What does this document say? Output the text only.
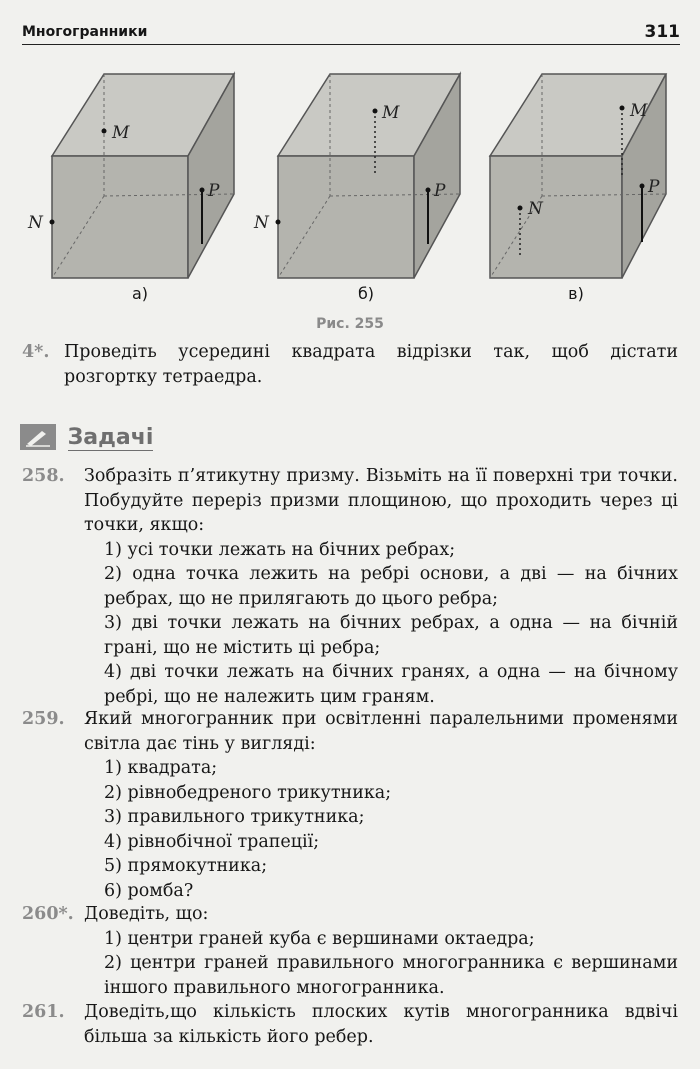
Многогранники	311
M
N
P
а)
M
N
P
б)
M
N
P
в)
Рис. 255
4*. Проведіть усередині квадрата відрізки так, щоб дістати розгортку тетраедра.
Задачі
258.	Зобразіть п’ятикутну призму. Візьміть на її поверхні три точки. Побудуйте переріз призми площиною, що проходить через ці точки, якщо:
1) усі точки лежать на бічних ребрах;
2) одна точка лежить на ребрі основи, а дві — на бічних ребрах, що не прилягають до цього ребра;
3) дві точки лежать на бічних ребрах, а одна — на бічній грані, що не містить ці ребра;
4) дві точки лежать на бічних гранях, а одна — на бічному ребрі, що не належить цим граням.
259.	Який многогранник при освітленні паралельними променями світла дає тінь у вигляді:
1) квадрата;
2) рівнобедреного трикутника;
3) правильного трикутника;
4) рівнобічної трапеції;
5) прямокутника;
6) ромба?
260*. Доведіть, що:
1) центри граней куба є вершинами октаедра;
2) центри граней правильного многогранника є вершинами іншого правильного многогранника.
261.	Доведіть,що кількість плоских кутів многогранника вдвічі більша за кількість його ребер.
